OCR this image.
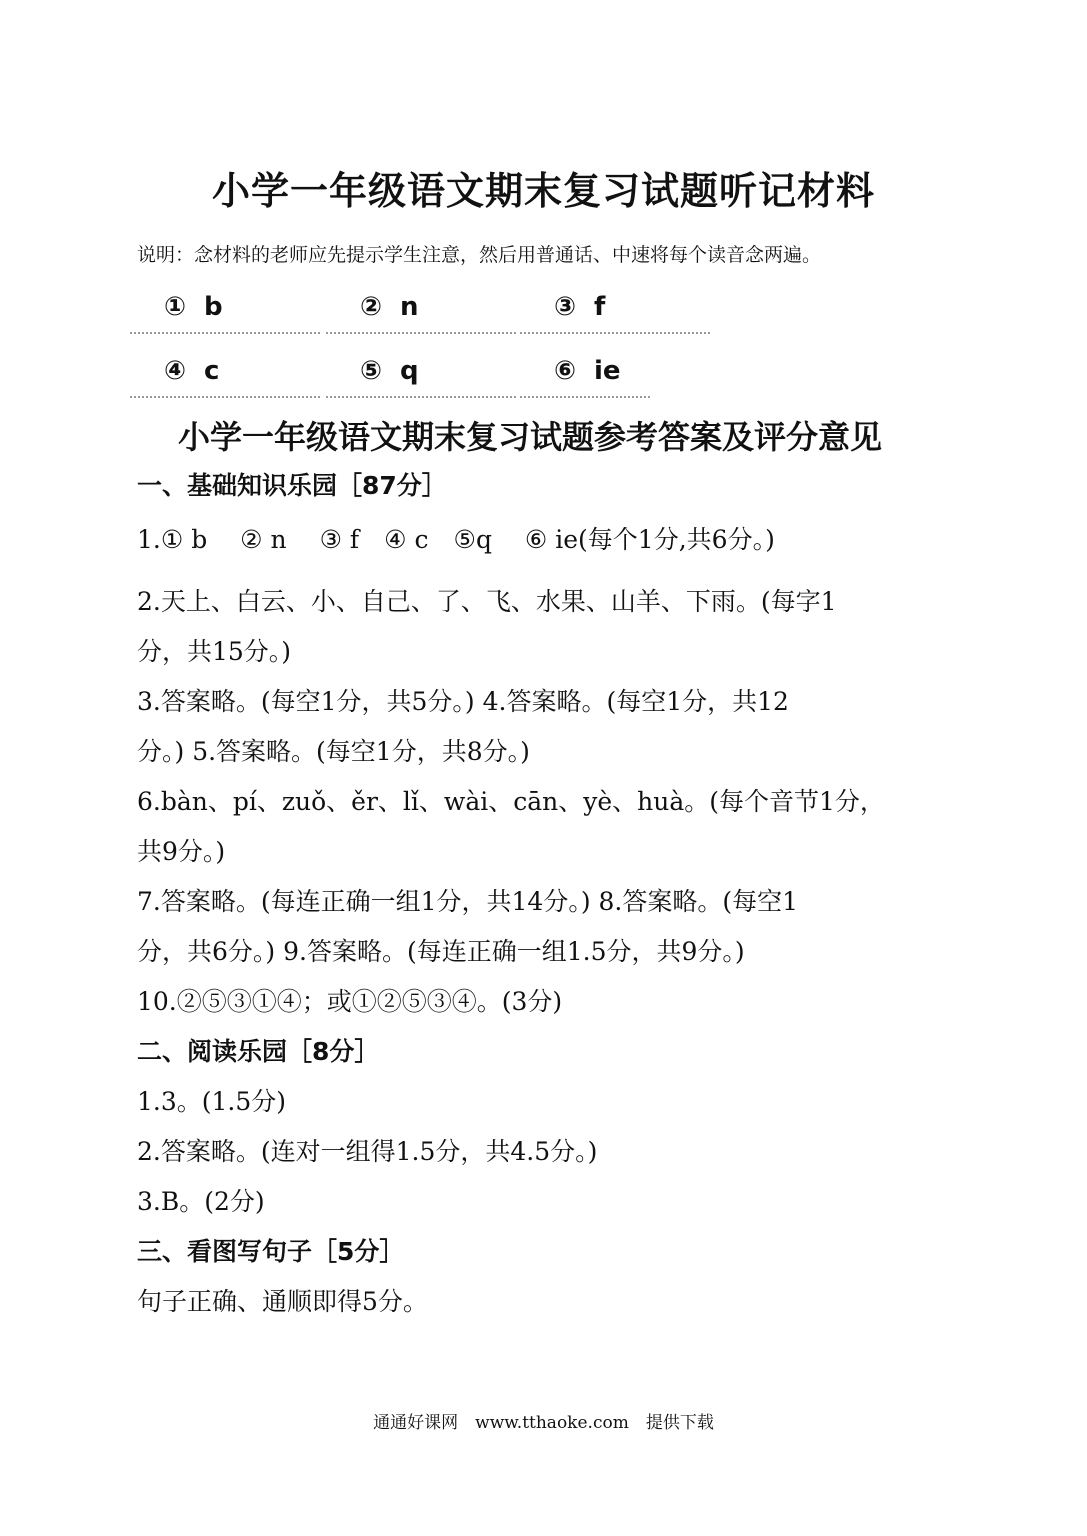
小学一年级语文期末复习试题听记材料
说明：念材料的老师应先提示学生注意，然后用普通话、中速将每个读音念两遍。
① b	② n	③ f
④ c	⑤ q	⑥ ie
小学一年级语文期末复习试题参考答案及评分意见
一、基础知识乐园［87分］
1.① b　 ② n　 ③ f　④ c　⑤q　 ⑥ ie(每个1分,共6分。)
2.天上、白云、小、自己、了、飞、水果、山羊、下雨。(每字1
分，共15分。)
3.答案略。(每空1分，共5分。) 4.答案略。(每空1分，共12
分。) 5.答案略。(每空1分，共8分。)
6.bàn、pí、zuǒ、ěr、lǐ、wài、cān、yè、huà。(每个音节1分，
共9分。)
7.答案略。(每连正确一组1分，共14分。) 8.答案略。(每空1
分，共6分。) 9.答案略。(每连正确一组1.5分，共9分。)
10.②⑤③①④；或①②⑤③④。(3分)
二、阅读乐园［8分］
1.3。(1.5分)
2.答案略。(连对一组得1.5分，共4.5分。)
3.B。(2分)
三、看图写句子［5分］
句子正确、通顺即得5分。
通通好课网　www.tthaoke.com　提供下载
